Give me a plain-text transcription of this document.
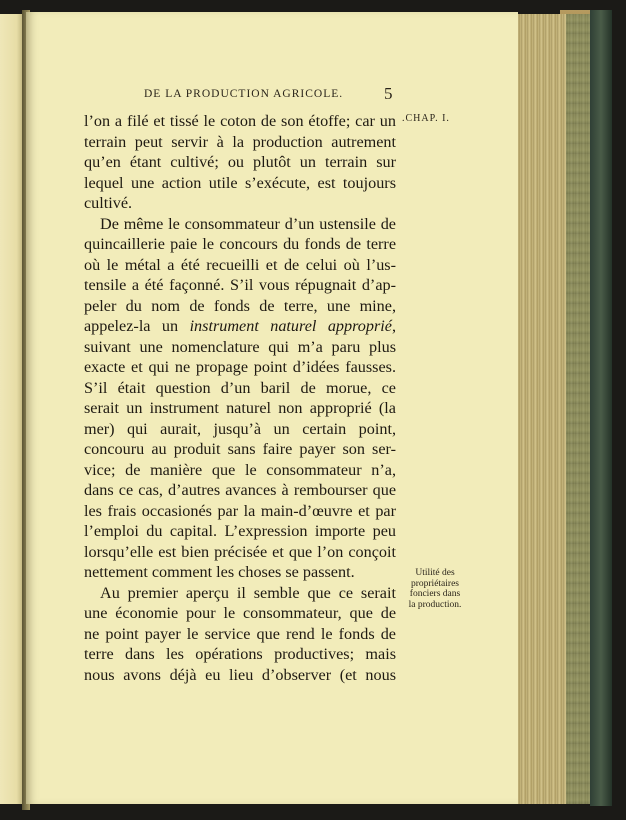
DE LA PRODUCTION AGRICOLE. 5
.CHAP. I.
l’on a filé et tissé le coton de son étoffe; car un
terrain peut servir à la production autrement
qu’en étant cultivé; ou plutôt un terrain sur
lequel une action utile s’exécute, est toujours
cultivé.
De même le consommateur d’un ustensile de
quincaillerie paie le concours du fonds de terre
où le métal a été recueilli et de celui où l’us-
tensile a été façonné. S’il vous répugnait d’ap-
peler du nom de fonds de terre, une mine,
appelez-la un instrument naturel approprié,
suivant une nomenclature qui m’a paru plus
exacte et qui ne propage point d’idées fausses.
S’il était question d’un baril de morue, ce
serait un instrument naturel non approprié (la
mer) qui aurait, jusqu’à un certain point,
concouru au produit sans faire payer son ser-
vice; de manière que le consommateur n’a,
dans ce cas, d’autres avances à rembourser que
les frais occasionés par la main-d’œuvre et par
l’emploi du capital. L’expression importe peu
lorsqu’elle est bien précisée et que l’on conçoit
nettement comment les choses se passent.
Au premier aperçu il semble que ce serait
une économie pour le consommateur, que de
ne point payer le service que rend le fonds de
terre dans les opérations productives; mais
nous avons déjà eu lieu d’observer (et nous
Utilité des
propriétaires
fonciers dans
la production.
